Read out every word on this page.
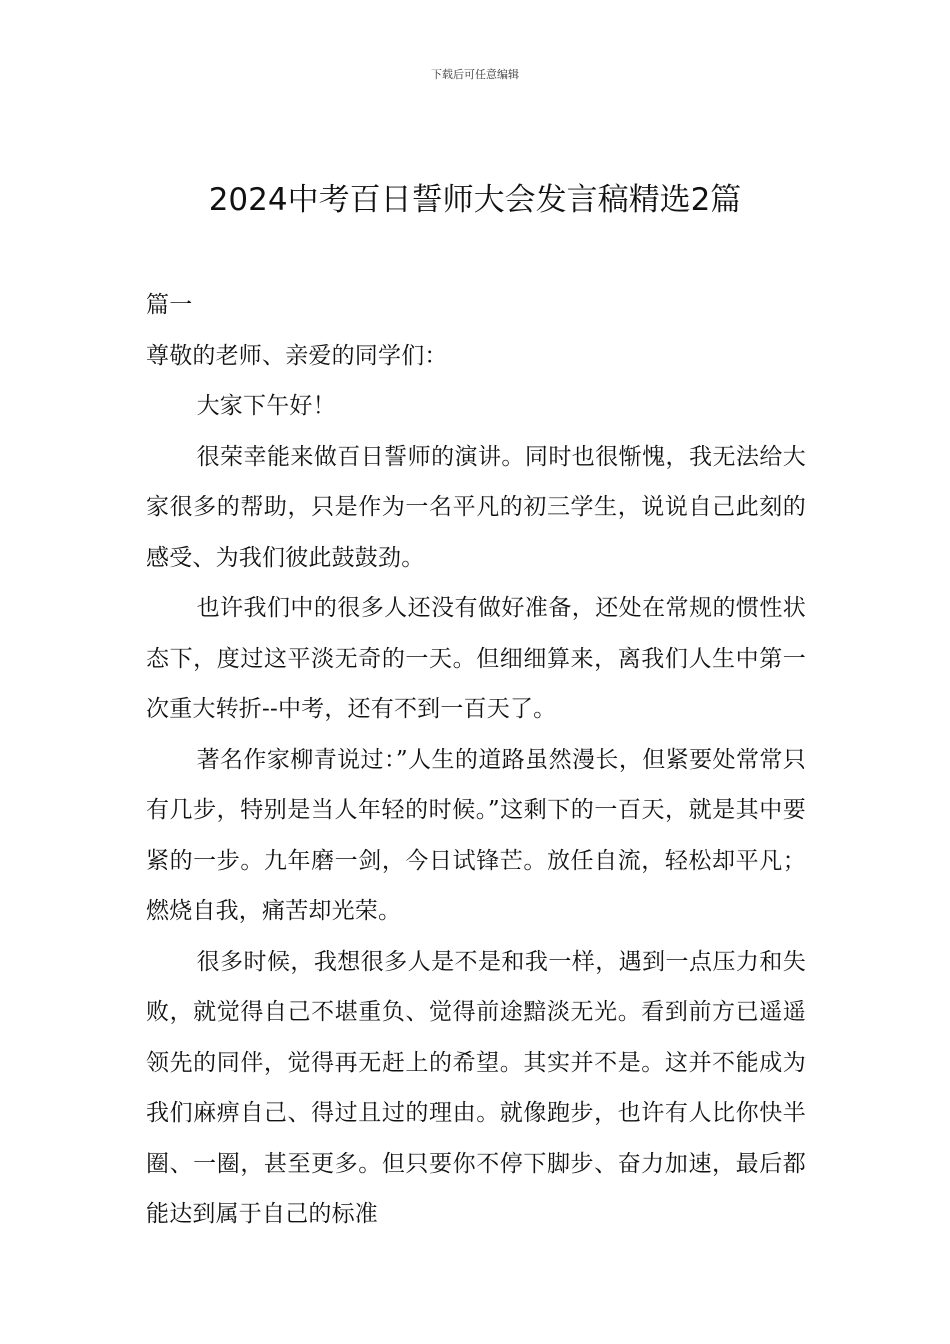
下载后可任意编辑
2024中考百日誓师大会发言稿精选2篇

篇一

尊敬的老师、亲爱的同学们：

大家下午好！

很荣幸能来做百日誓师的演讲。同时也很惭愧，我无法给大家很多的帮助，只是作为一名平凡的初三学生，说说自己此刻的感受、为我们彼此鼓鼓劲。

也许我们中的很多人还没有做好准备，还处在常规的惯性状态下，度过这平淡无奇的一天。但细细算来，离我们人生中第一次重大转折--中考，还有不到一百天了。

著名作家柳青说过：”人生的道路虽然漫长，但紧要处常常只有几步，特别是当人年轻的时候。”这剩下的一百天，就是其中要紧的一步。九年磨一剑，今日试锋芒。放任自流，轻松却平凡；燃烧自我，痛苦却光荣。

很多时候，我想很多人是不是和我一样，遇到一点压力和失败，就觉得自己不堪重负、觉得前途黯淡无光。看到前方已遥遥领先的同伴，觉得再无赶上的希望。其实并不是。这并不能成为我们麻痹自己、得过且过的理由。就像跑步，也许有人比你快半圈、一圈，甚至更多。但只要你不停下脚步、奋力加速，最后都能达到属于自己的标准
